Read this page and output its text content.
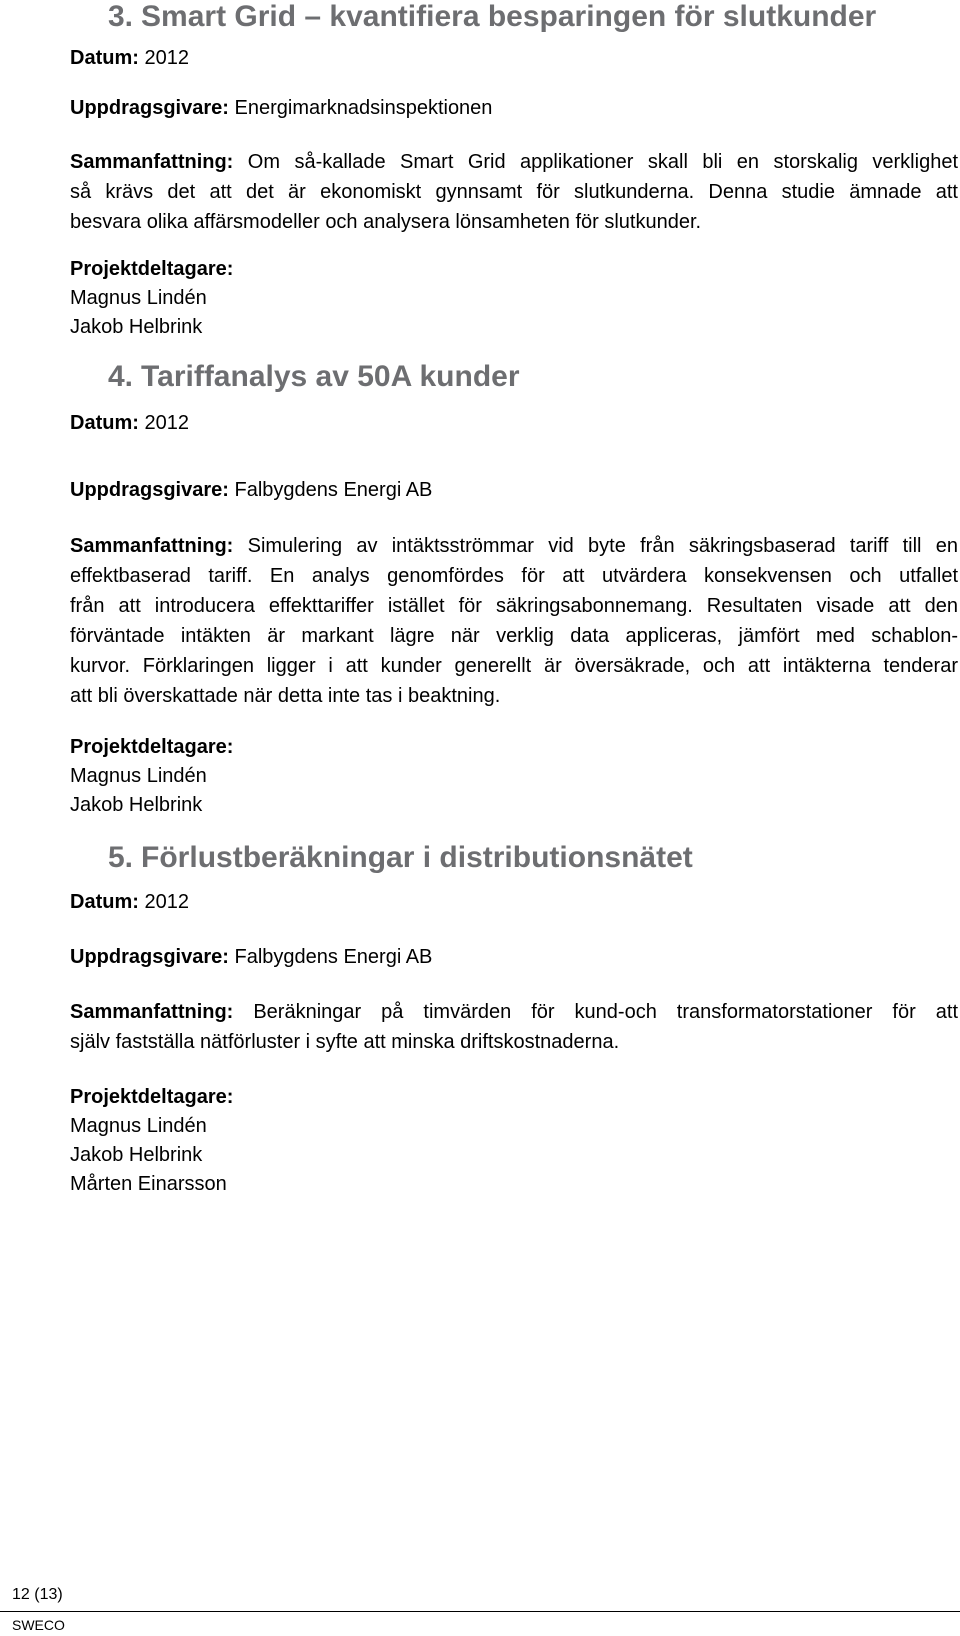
3. Smart Grid – kvantifiera besparingen för slutkunder

Datum: 2012

Uppdragsgivare: Energimarknadsinspektionen

Sammanfattning: Om så-kallade Smart Grid applikationer skall bli en storskalig verklighet
så krävs det att det är ekonomiskt gynnsamt för slutkunderna. Denna studie ämnade att
besvara olika affärsmodeller och analysera lönsamheten för slutkunder.

Projektdeltagare:

Magnus Lindén

Jakob Helbrink

4. Tariffanalys av 50A kunder

Datum: 2012

Uppdragsgivare: Falbygdens Energi AB

Sammanfattning: Simulering av intäktsströmmar vid byte från säkringsbaserad tariff till en
effektbaserad tariff. En analys genomfördes för att utvärdera konsekvensen och utfallet
från att introducera effekttariffer istället för säkringsabonnemang. Resultaten visade att den
förväntade intäkten är markant lägre när verklig data appliceras, jämfört med schablon-
kurvor. Förklaringen ligger i att kunder generellt är översäkrade, och att intäkterna tenderar
att bli överskattade när detta inte tas i beaktning.

Projektdeltagare:

Magnus Lindén

Jakob Helbrink

5. Förlustberäkningar i distributionsnätet

Datum: 2012

Uppdragsgivare: Falbygdens Energi AB

Sammanfattning: Beräkningar på timvärden för kund-och transformatorstationer för att
själv fastställa nätförluster i syfte att minska driftskostnaderna.

Projektdeltagare:

Magnus Lindén

Jakob Helbrink

Mårten Einarsson

12 (13)
SWECO
